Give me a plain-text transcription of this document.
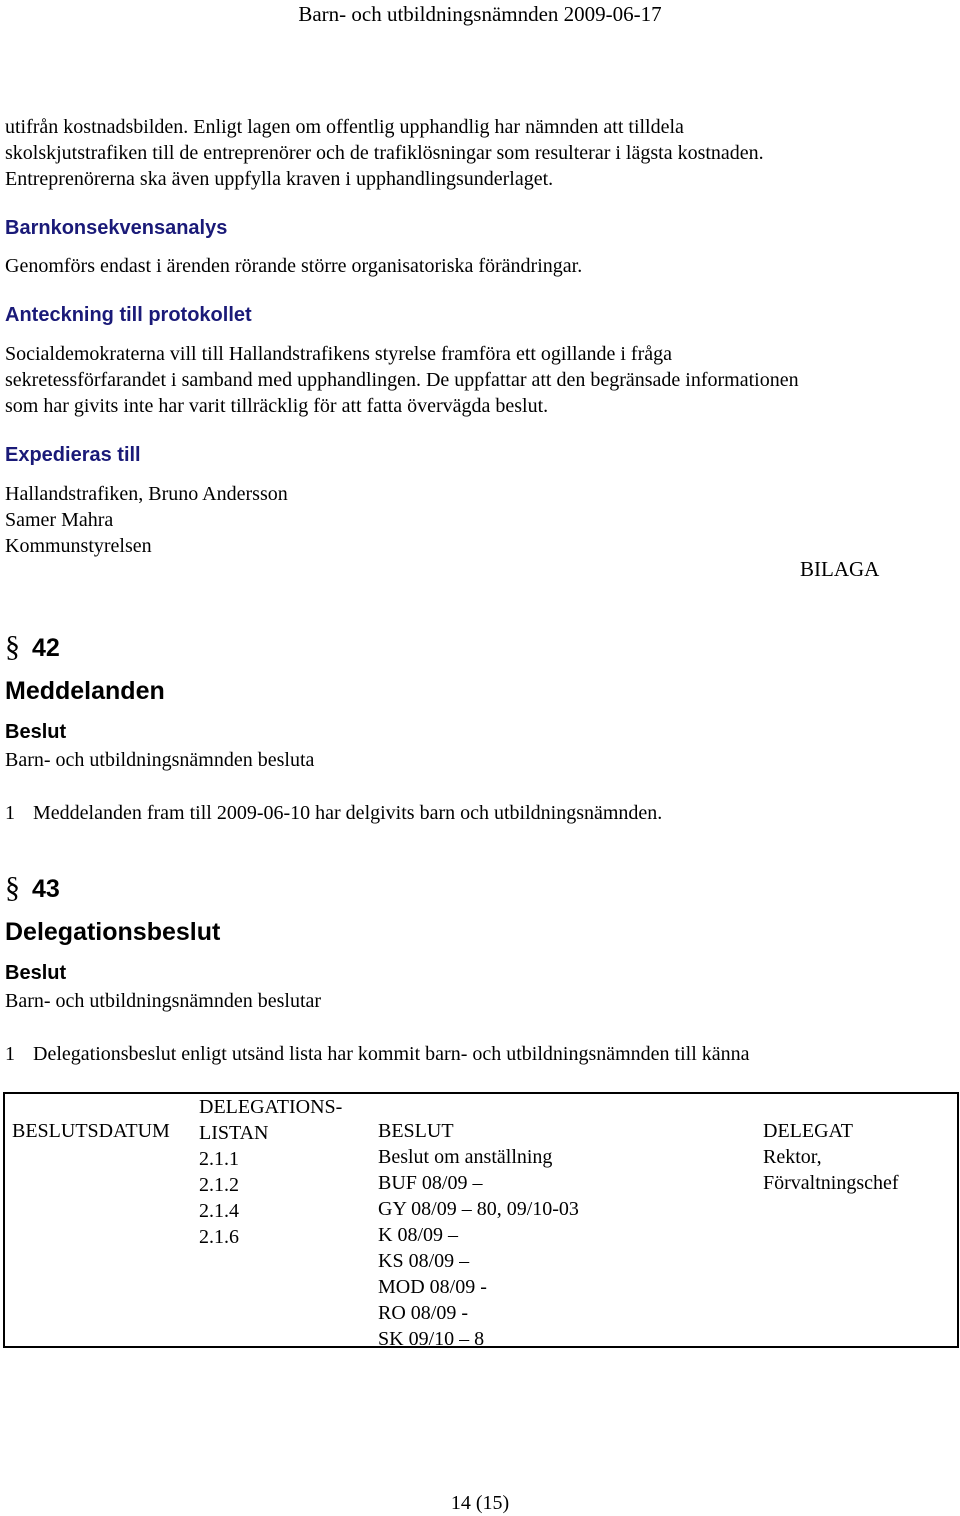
Barn- och utbildningsnämnden 2009-06-17
utifrån kostnadsbilden. Enligt lagen om offentlig upphandlig har nämnden att tilldela
skolskjutstrafiken till de entreprenörer och de trafiklösningar som resulterar i lägsta kostnaden.
Entreprenörerna ska även uppfylla kraven i upphandlingsunderlaget.
Barnkonsekvensanalys
Genomförs endast i ärenden rörande större organisatoriska förändringar.
Anteckning till protokollet
Socialdemokraterna vill till Hallandstrafikens styrelse framföra ett ogillande i fråga
sekretessförfarandet i samband med upphandlingen. De uppfattar att den begränsade informationen
som har givits inte har varit tillräcklig för att fatta övervägda beslut.
Expedieras till
Hallandstrafiken, Bruno Andersson
Samer Mahra
Kommunstyrelsen
BILAGA
§ 42
Meddelanden
Beslut
Barn- och utbildningsnämnden besluta
1 Meddelanden fram till 2009-06-10 har delgivits barn och utbildningsnämnden.
§ 43
Delegationsbeslut
Beslut
Barn- och utbildningsnämnden beslutar
1 Delegationsbeslut enligt utsänd lista har kommit barn- och utbildningsnämnden till känna
BESLUTSDATUM
DELEGATIONS-
LISTAN
2.1.1
2.1.2
2.1.4
2.1.6
BESLUT
Beslut om anställning
BUF 08/09 –
GY 08/09 – 80, 09/10-03
K 08/09 –
KS 08/09 –
MOD 08/09 -
RO 08/09 -
SK 09/10 – 8
DELEGAT
Rektor,
Förvaltningschef
14 (15)
